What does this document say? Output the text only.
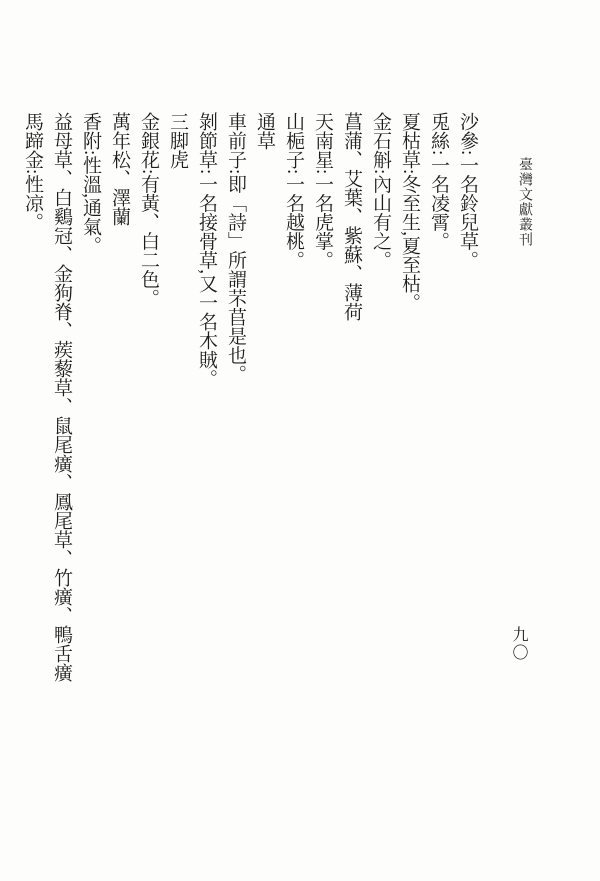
臺灣文獻叢刊
九〇
沙參:一名鈴兒草。
兎絲:一名凌霄。
夏枯草:冬至生,夏至枯。
金石斛:內山有之。
菖蒲、艾葉、紫蘇、薄荷
天南星:一名虎掌。
山梔子:一名越桃。
通草
車前子:即「詩」所謂芣苢是也。
剝節草:一名接骨草,又一名木賊。
三脚虎
金銀花:有黃、白二色。
萬年松、澤蘭
香附:性溫,通氣。
益母草、白鷄冠、金狗脊、蒺藜草、鼠尾癀、鳳尾草、竹癀、鴨舌癀
馬蹄金:性凉。
